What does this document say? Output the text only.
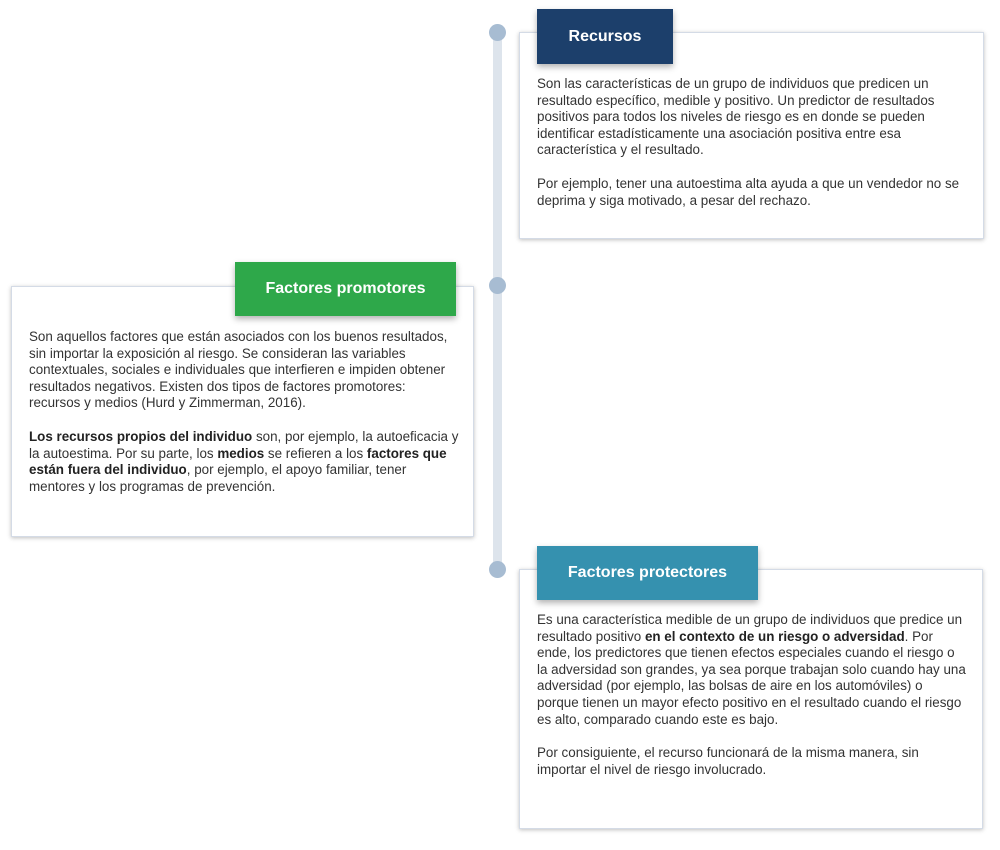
Son las características de un grupo de individuos que predicen un resultado específico, medible y positivo. Un predictor de resultados positivos para todos los niveles de riesgo es en donde se pueden identificar estadísticamente una asociación positiva entre esa característica y el resultado.

Por ejemplo, tener una autoestima alta ayuda a que un vendedor no se deprima y siga motivado, a pesar del rechazo.

Recursos

Son aquellos factores que están asociados con los buenos resultados, sin importar la exposición al riesgo. Se consideran las variables contextuales, sociales e individuales que interfieren e impiden obtener resultados negativos. Existen dos tipos de factores promotores: recursos y medios (Hurd y Zimmerman, 2016).

Los recursos propios del individuo son, por ejemplo, la autoeficacia y la autoestima. Por su parte, los medios se refieren a los factores que están fuera del individuo, por ejemplo, el apoyo familiar, tener mentores y los programas de prevención.

Factores promotores

Es una característica medible de un grupo de individuos que predice un resultado positivo en el contexto de un riesgo o adversidad. Por ende, los predictores que tienen efectos especiales cuando el riesgo o la adversidad son grandes, ya sea porque trabajan solo cuando hay una adversidad (por ejemplo, las bolsas de aire en los automóviles) o porque tienen un mayor efecto positivo en el resultado cuando el riesgo es alto, comparado cuando este es bajo.

Por consiguiente, el recurso funcionará de la misma manera, sin importar el nivel de riesgo involucrado.

Factores protectores
